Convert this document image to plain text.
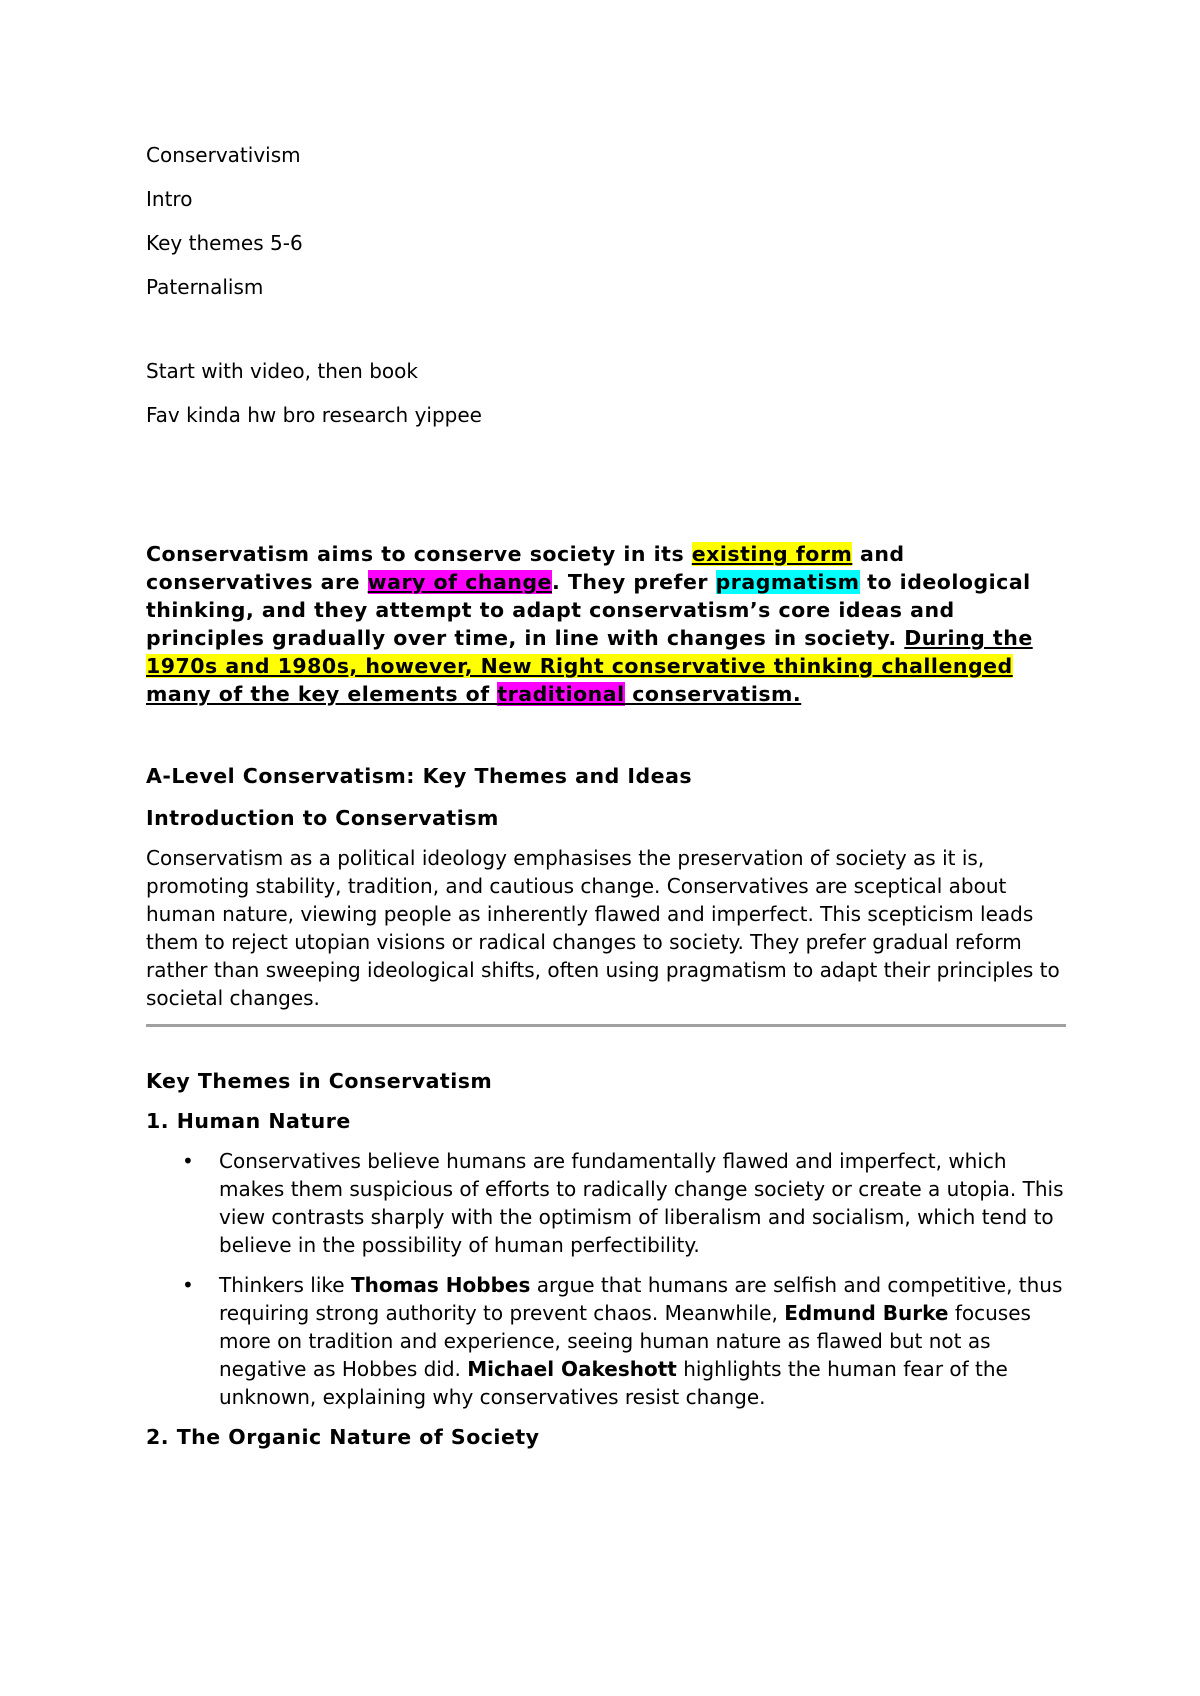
Conservativism

Intro

Key themes 5-6

Paternalism

Start with video, then book

Fav kinda hw bro research yippee

Conservatism aims to conserve society in its existing form and conservatives are wary of change. They prefer pragmatism to ideological thinking, and they attempt to adapt conservatism’s core ideas and principles gradually over time, in line with changes in society. During the 1970s and 1980s, however, New Right conservative thinking challenged many of the key elements of traditional conservatism.

A-Level Conservatism: Key Themes and Ideas

Introduction to Conservatism

Conservatism as a political ideology emphasises the preservation of society as it is, promoting stability, tradition, and cautious change. Conservatives are sceptical about human nature, viewing people as inherently flawed and imperfect. This scepticism leads them to reject utopian visions or radical changes to society. They prefer gradual reform rather than sweeping ideological shifts, often using pragmatism to adapt their principles to societal changes.

Key Themes in Conservatism

1. Human Nature

• Conservatives believe humans are fundamentally flawed and imperfect, which makes them suspicious of efforts to radically change society or create a utopia. This view contrasts sharply with the optimism of liberalism and socialism, which tend to believe in the possibility of human perfectibility.
• Thinkers like Thomas Hobbes argue that humans are selfish and competitive, thus requiring strong authority to prevent chaos. Meanwhile, Edmund Burke focuses more on tradition and experience, seeing human nature as flawed but not as negative as Hobbes did. Michael Oakeshott highlights the human fear of the unknown, explaining why conservatives resist change.

2. The Organic Nature of Society
